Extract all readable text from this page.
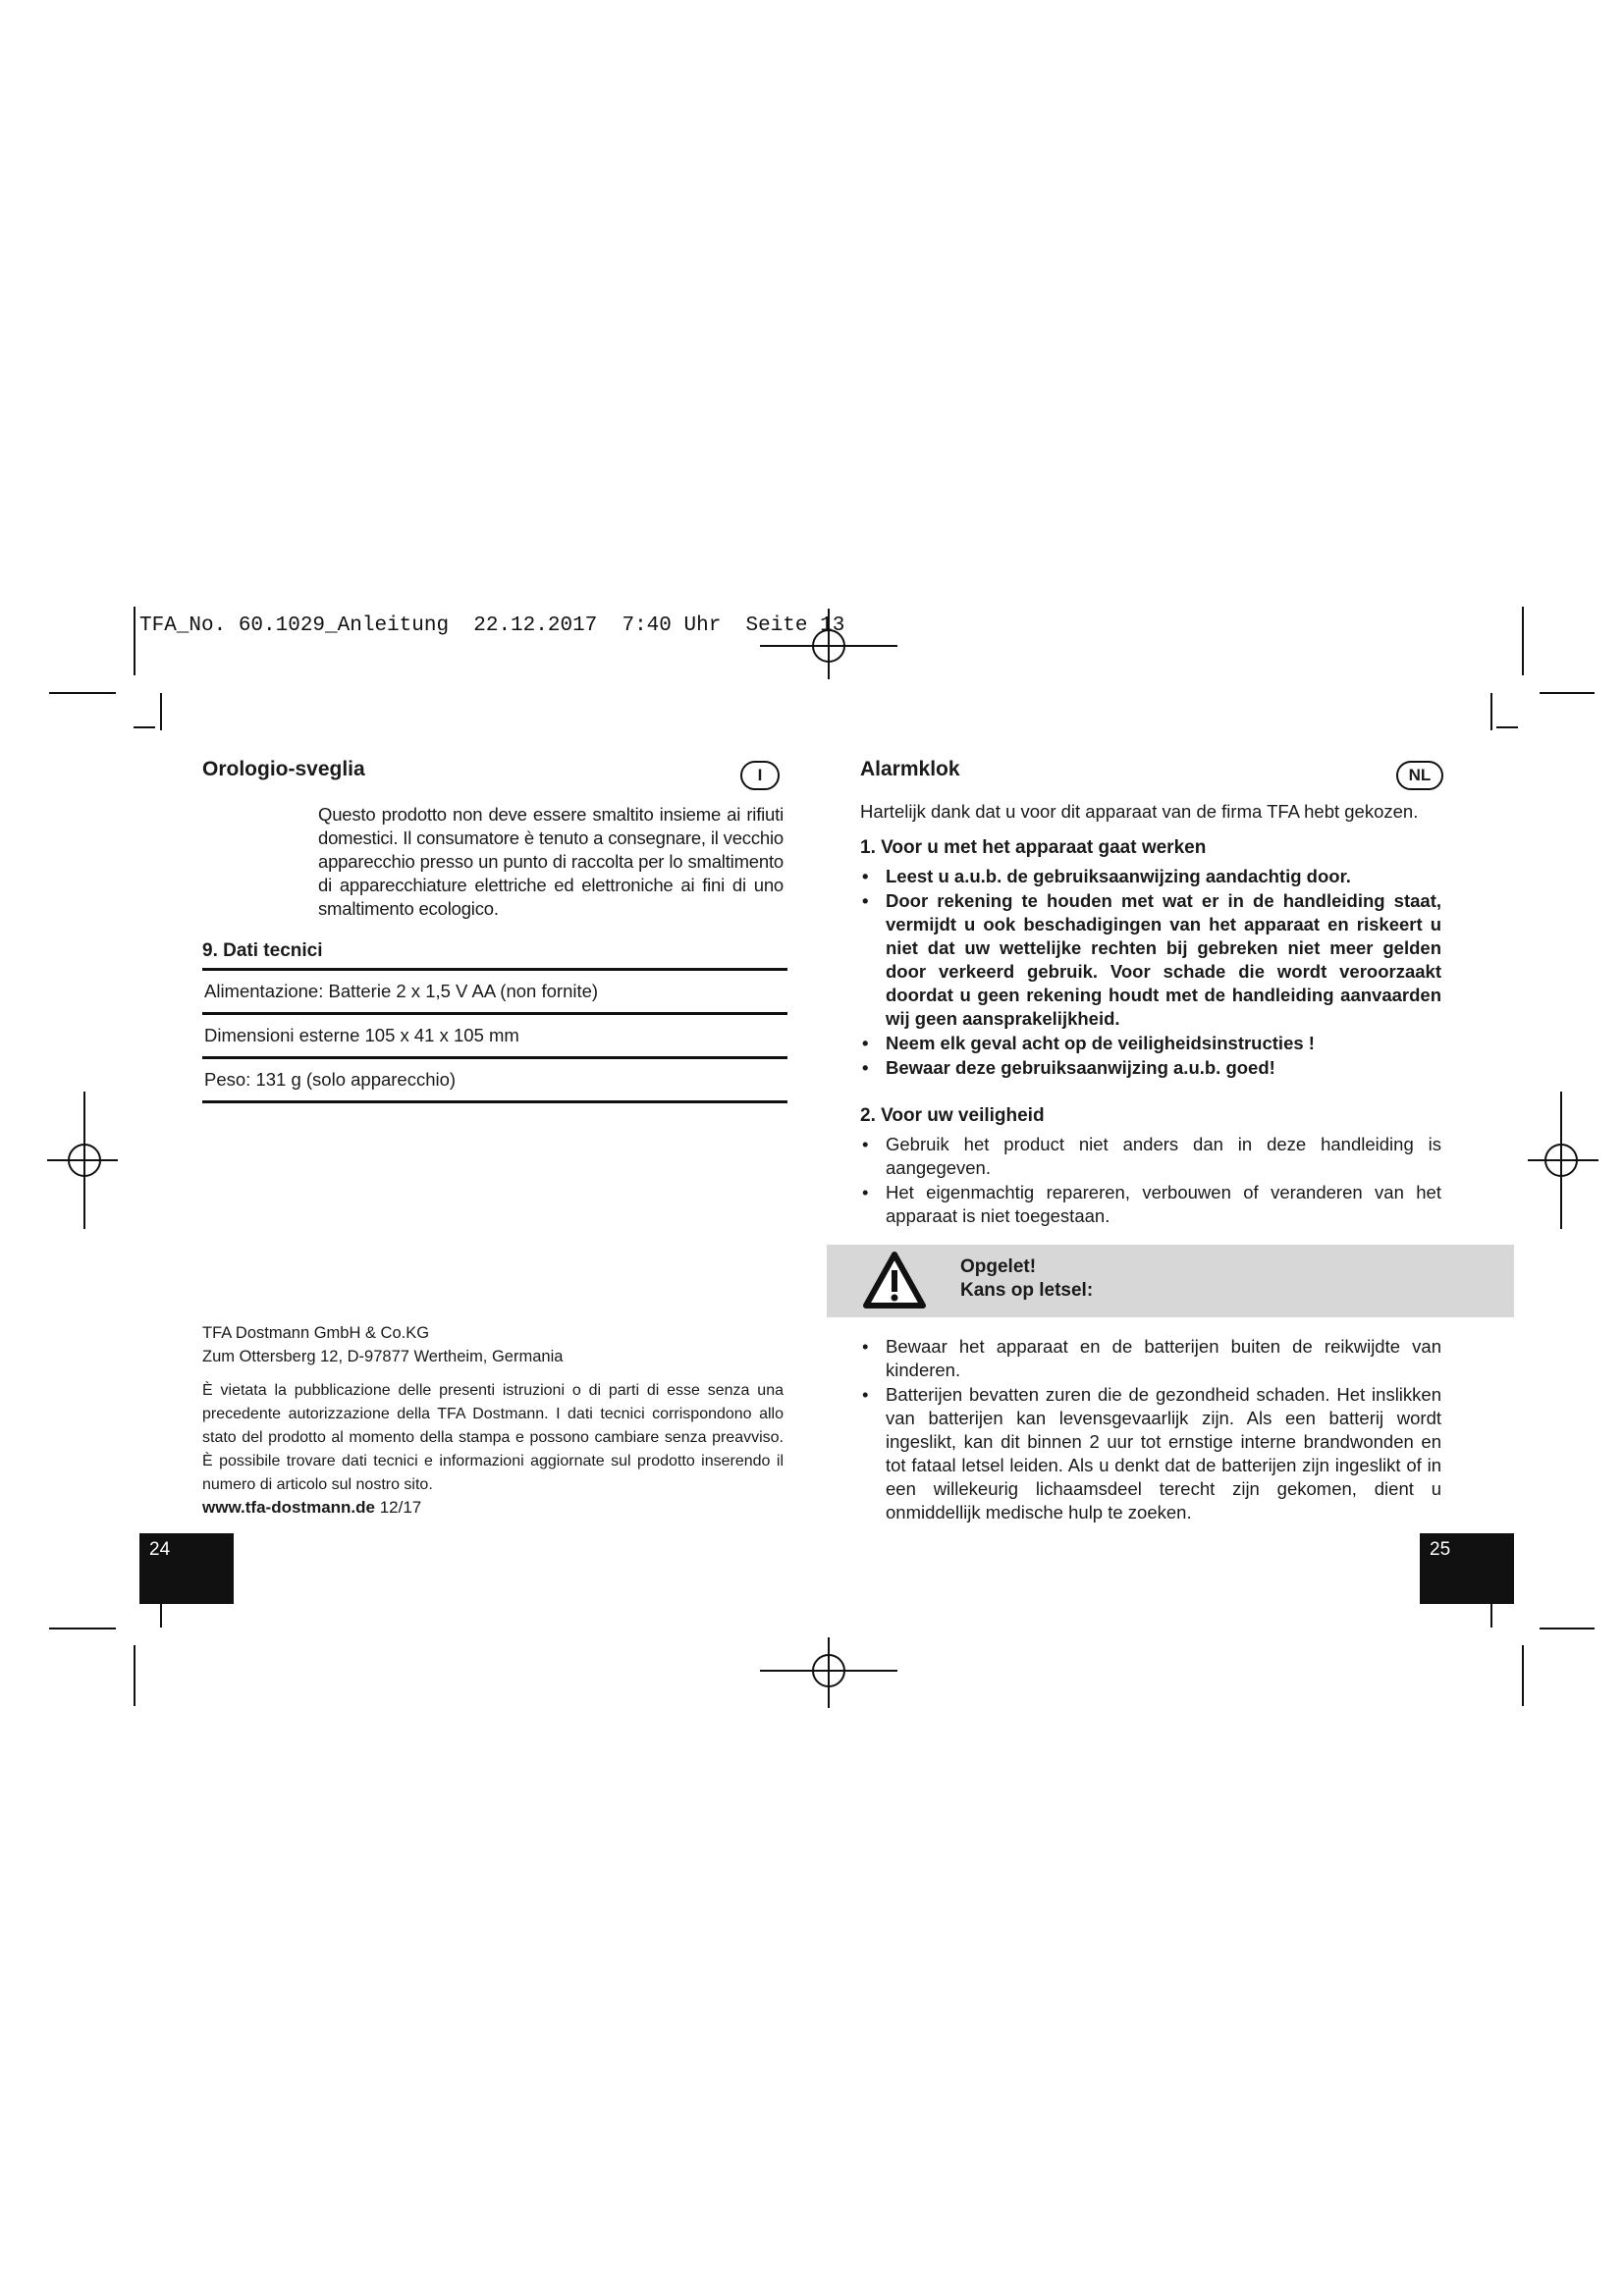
TFA_No. 60.1029_Anleitung  22.12.2017  7:40 Uhr  Seite 13
Orologio-sveglia	I
Questo prodotto non deve essere smaltito insieme ai rifiuti domestici. Il consumatore è tenuto a consegnare, il vecchio apparecchio presso un punto di raccolta per lo smaltimento di apparecchiature elettriche ed elettroniche ai fini di uno smaltimento ecologico.
9. Dati tecnici
Alimentazione: Batterie 2 x 1,5 V AA (non fornite)
Dimensioni esterne 105 x 41 x 105 mm
Peso: 131 g (solo apparecchio)
TFA Dostmann GmbH & Co.KG
Zum Ottersberg 12, D-97877 Wertheim, Germania
È vietata la pubblicazione delle presenti istruzioni o di parti di esse senza una precedente autorizzazione della TFA Dostmann. I dati tecnici corrispondono allo stato del prodotto al momento della stampa e possono cambiare senza preavviso. È possibile trovare dati tecnici e informazioni aggiornate sul prodotto inserendo il numero di articolo sul nostro sito.
www.tfa-dostmann.de 12/17
24
Alarmklok	NL
Hartelijk dank dat u voor dit apparaat van de firma TFA hebt gekozen.
1. Voor u met het apparaat gaat werken
• Leest u a.u.b. de gebruiksaanwijzing aandachtig door.
• Door rekening te houden met wat er in de handleiding staat, vermijdt u ook beschadigingen van het apparaat en riskeert u niet dat uw wettelijke rechten bij gebreken niet meer gelden door verkeerd gebruik. Voor schade die wordt veroorzaakt doordat u geen rekening houdt met de handleiding aanvaarden wij geen aansprakelijkheid.
• Neem elk geval acht op de veiligheidsinstructies !
• Bewaar deze gebruiksaanwijzing a.u.b. goed!
2. Voor uw veiligheid
• Gebruik het product niet anders dan in deze handleiding is aangegeven.
• Het eigenmachtig repareren, verbouwen of veranderen van het apparaat is niet toegestaan.
Opgelet!
Kans op letsel:
• Bewaar het apparaat en de batterijen buiten de reikwijdte van kinderen.
• Batterijen bevatten zuren die de gezondheid schaden. Het inslikken van batterijen kan levensgevaarlijk zijn. Als een batterij wordt ingeslikt, kan dit binnen 2 uur tot ernstige interne brandwonden en tot fataal letsel leiden. Als u denkt dat de batterijen zijn ingeslikt of in een willekeurig lichaamsdeel terecht zijn gekomen, dient u onmiddellijk medische hulp te zoeken.
25
